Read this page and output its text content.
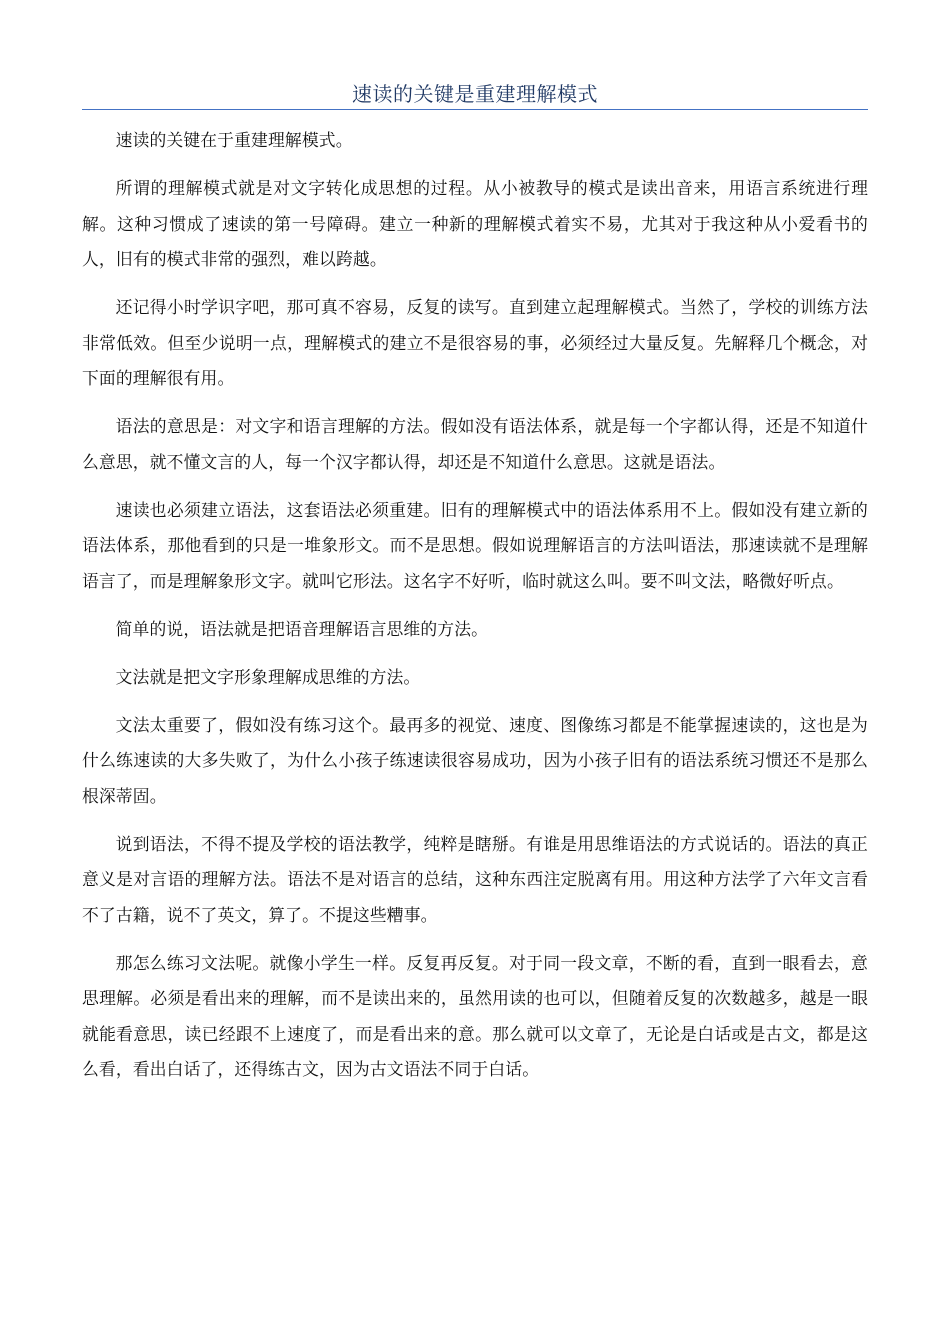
速读的关键是重建理解模式

速读的关键在于重建理解模式。

所谓的理解模式就是对文字转化成思想的过程。从小被教导的模式是读出音来，用语言系统进行理解。这种习惯成了速读的第一号障碍。建立一种新的理解模式着实不易，尤其对于我这种从小爱看书的人，旧有的模式非常的强烈，难以跨越。

还记得小时学识字吧，那可真不容易，反复的读写。直到建立起理解模式。当然了，学校的训练方法非常低效。但至少说明一点，理解模式的建立不是很容易的事，必须经过大量反复。先解释几个概念，对下面的理解很有用。

语法的意思是：对文字和语言理解的方法。假如没有语法体系，就是每一个字都认得，还是不知道什么意思，就不懂文言的人，每一个汉字都认得，却还是不知道什么意思。这就是语法。

速读也必须建立语法，这套语法必须重建。旧有的理解模式中的语法体系用不上。假如没有建立新的语法体系，那他看到的只是一堆象形文。而不是思想。假如说理解语言的方法叫语法，那速读就不是理解语言了，而是理解象形文字。就叫它形法。这名字不好听，临时就这么叫。要不叫文法，略微好听点。

简单的说，语法就是把语音理解语言思维的方法。

文法就是把文字形象理解成思维的方法。

文法太重要了，假如没有练习这个。最再多的视觉、速度、图像练习都是不能掌握速读的，这也是为什么练速读的大多失败了，为什么小孩子练速读很容易成功，因为小孩子旧有的语法系统习惯还不是那么根深蒂固。

说到语法，不得不提及学校的语法教学，纯粹是瞎掰。有谁是用思维语法的方式说话的。语法的真正意义是对言语的理解方法。语法不是对语言的总结，这种东西注定脱离有用。用这种方法学了六年文言看不了古籍，说不了英文，算了。不提这些糟事。

那怎么练习文法呢。就像小学生一样。反复再反复。对于同一段文章，不断的看，直到一眼看去，意思理解。必须是看出来的理解，而不是读出来的，虽然用读的也可以，但随着反复的次数越多，越是一眼就能看意思，读已经跟不上速度了，而是看出来的意。那么就可以文章了，无论是白话或是古文，都是这么看，看出白话了，还得练古文，因为古文语法不同于白话。
